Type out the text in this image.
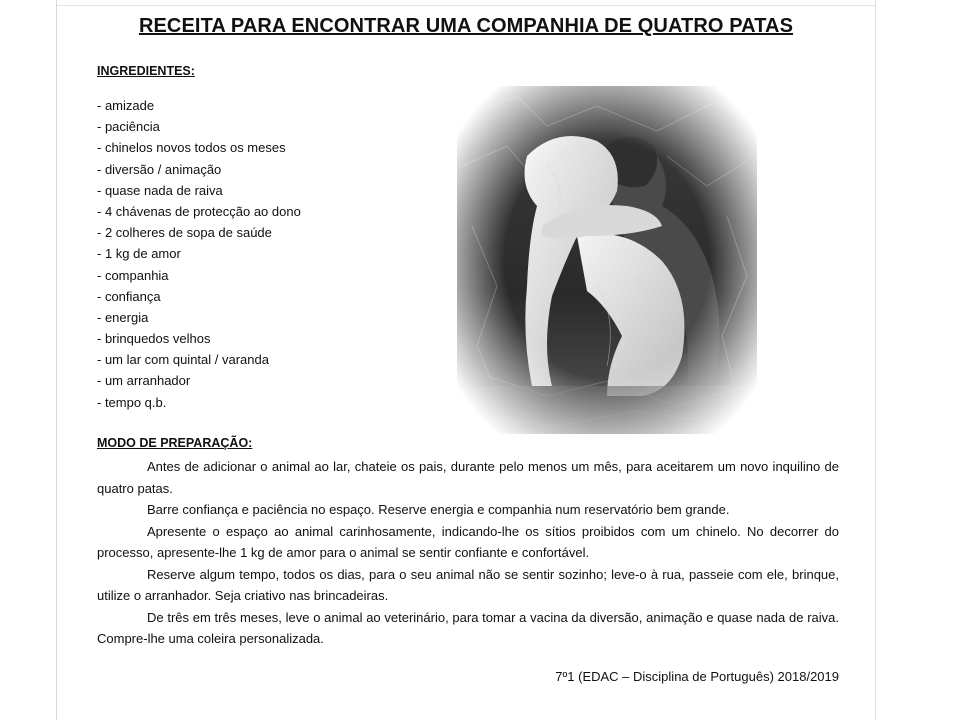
RECEITA PARA ENCONTRAR UMA COMPANHIA DE QUATRO PATAS
INGREDIENTES:
- amizade
- paciência
- chinelos novos todos os meses
- diversão / animação
- quase nada de raiva
- 4 chávenas de protecção ao dono
- 2 colheres de sopa de saúde
- 1 kg de amor
- companhia
- confiança
- energia
- brinquedos velhos
- um lar com quintal / varanda
- um arranhador
- tempo q.b.
MODO DE PREPARAÇÃO:

Antes de adicionar o animal ao lar, chateie os pais, durante pelo menos um mês, para aceitarem um novo inquilino de quatro patas.

Barre confiança e paciência no espaço. Reserve energia e companhia num reservatório bem grande.

Apresente o espaço ao animal carinhosamente, indicando-lhe os sítios proibidos com um chinelo. No decorrer do processo, apresente-lhe 1 kg de amor para o animal se sentir confiante e confortável.

Reserve algum tempo, todos os dias, para o seu animal não se sentir sozinho; leve-o à rua, passeie com ele, brinque, utilize o arranhador. Seja criativo nas brincadeiras.

De três em três meses, leve o animal ao veterinário, para tomar a vacina da diversão, animação e quase nada de raiva. Compre-lhe uma coleira personalizada.

7º1 (EDAC – Disciplina de Português) 2018/2019
